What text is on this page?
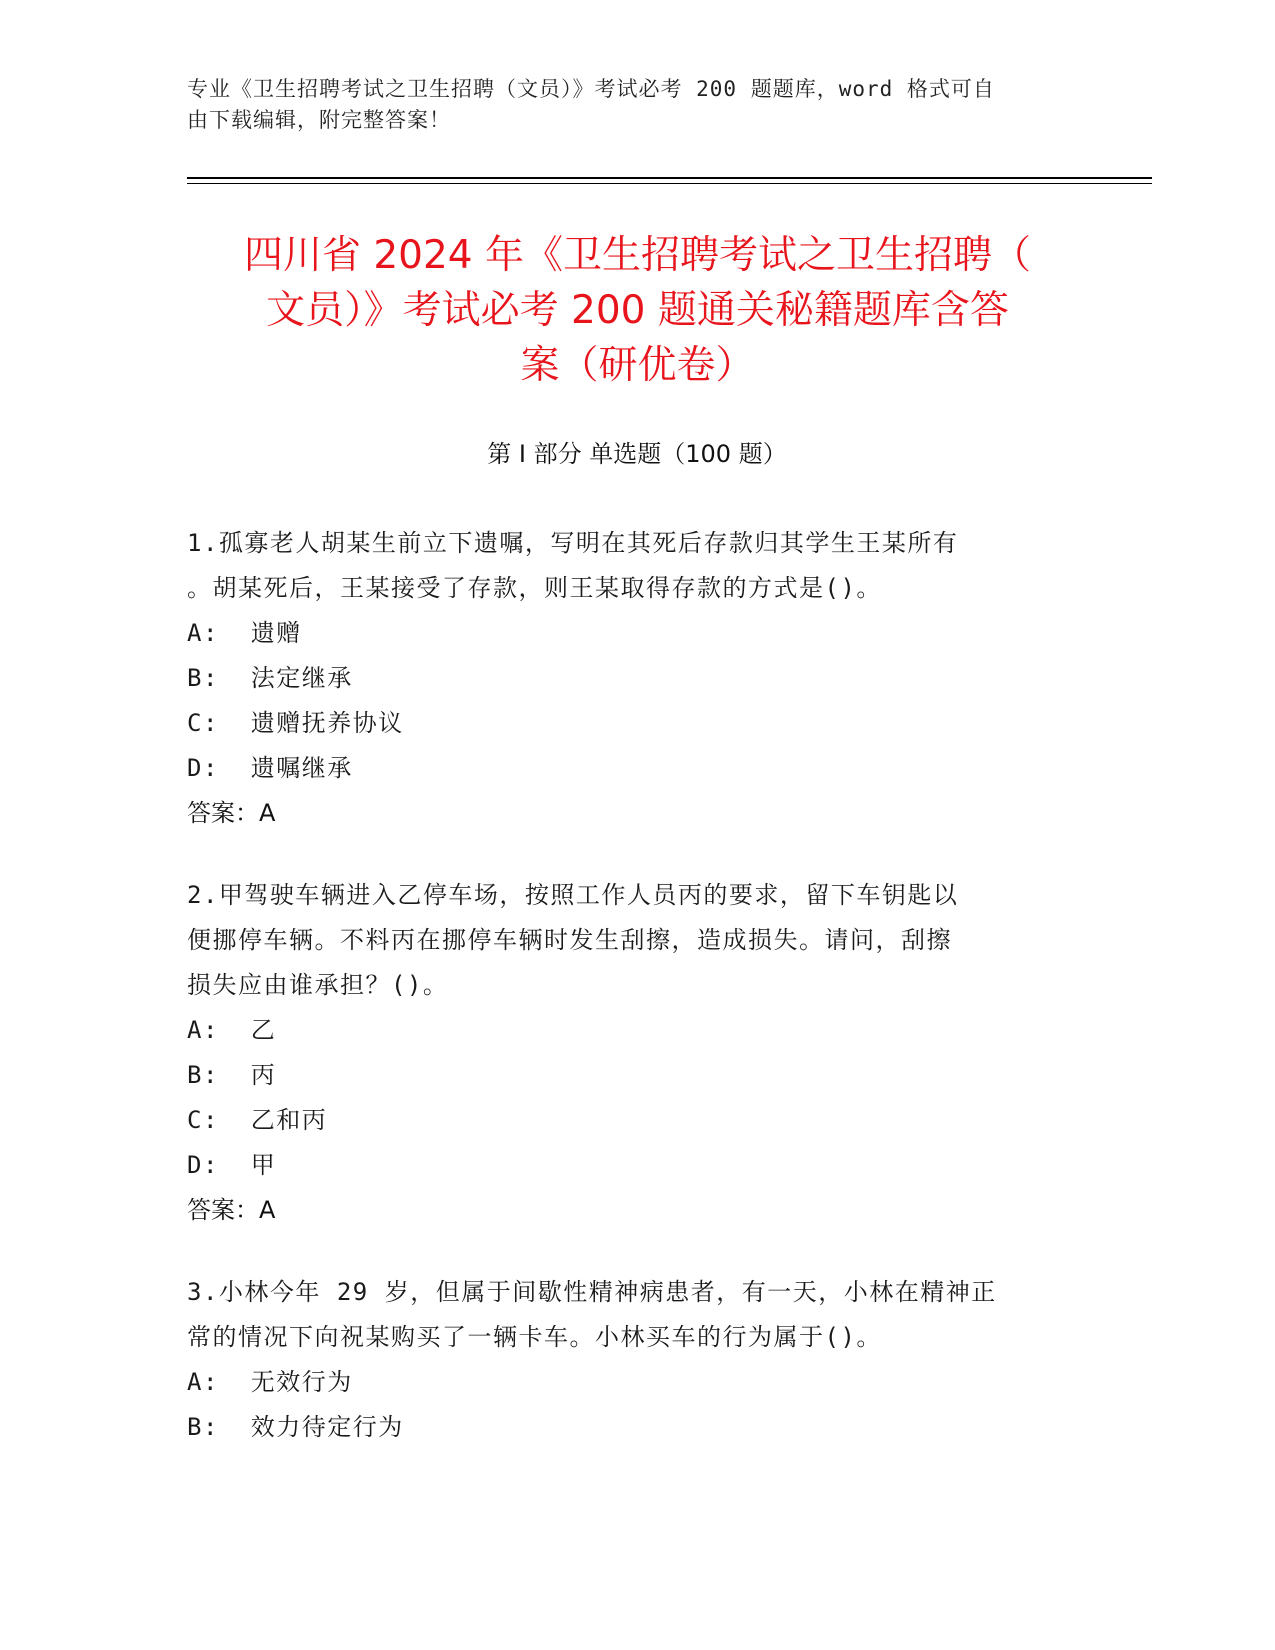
专业《卫生招聘考试之卫生招聘（文员）》考试必考 200 题题库，word 格式可自
由下载编辑，附完整答案！
四川省 2024 年《卫生招聘考试之卫生招聘（
文员）》考试必考 200 题通关秘籍题库含答
案（研优卷）
第 I 部分 单选题（100 题）

1.孤寡老人胡某生前立下遗嘱，写明在其死后存款归其学生王某所有

。胡某死后，王某接受了存款，则王某取得存款的方式是()。

A:  遗赠

B:  法定继承

C:  遗赠抚养协议

D:  遗嘱继承

答案：A

2.甲驾驶车辆进入乙停车场，按照工作人员丙的要求，留下车钥匙以

便挪停车辆。不料丙在挪停车辆时发生刮擦，造成损失。请问，刮擦

损失应由谁承担？()。

A:  乙

B:  丙

C:  乙和丙

D:  甲

答案：A

3.小林今年 29 岁，但属于间歇性精神病患者，有一天，小林在精神正

常的情况下向祝某购买了一辆卡车。小林买车的行为属于()。

A:  无效行为

B:  效力待定行为
